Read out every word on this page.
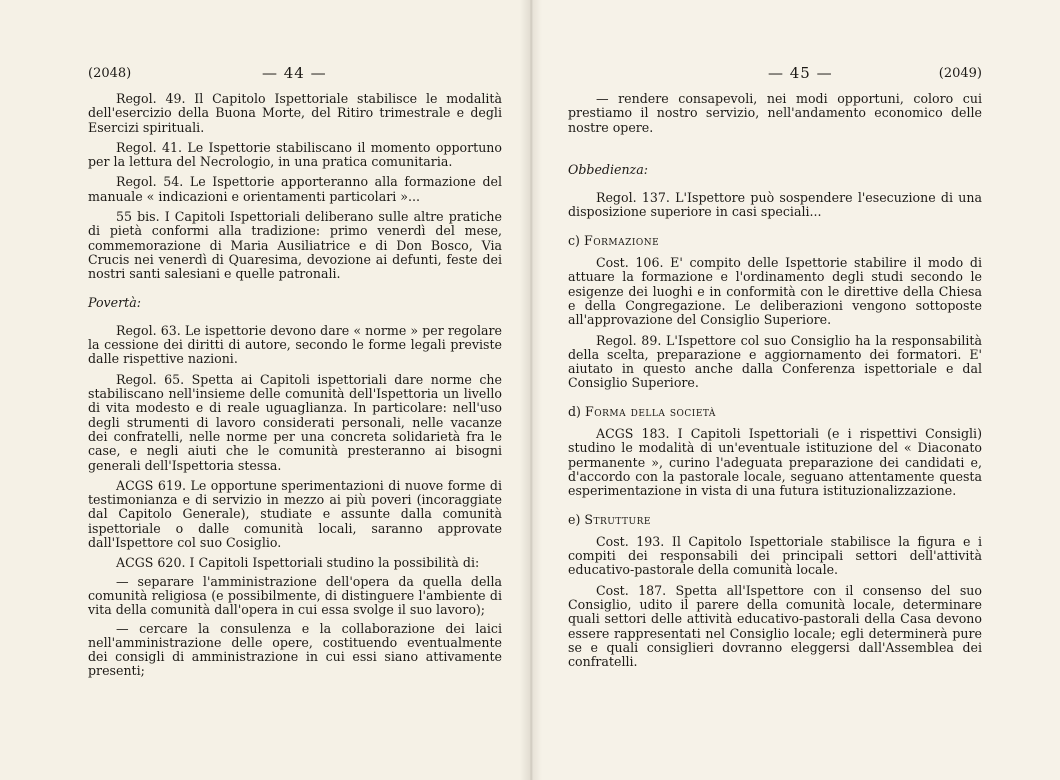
(2048)	— 44 —

Regol. 49. Il Capitolo Ispettoriale stabilisce le modalità dell'esercizio della Buona Morte, del Ritiro trimestrale e degli Esercizi spirituali.

Regol. 41. Le Ispettorie stabiliscano il momento opportuno per la lettura del Necrologio, in una pratica comunitaria.

Regol. 54. Le Ispettorie apporteranno alla formazione del manuale « indicazioni e orientamenti particolari »...

55 bis. I Capitoli Ispettoriali deliberano sulle altre pratiche di pietà conformi alla tradizione: primo venerdì del mese, commemorazione di Maria Ausiliatrice e di Don Bosco, Via Crucis nei venerdì di Quaresima, devozione ai defunti, feste dei nostri santi salesiani e quelle patronali.

Povertà:

Regol. 63. Le ispettorie devono dare « norme » per regolare la cessione dei diritti di autore, secondo le forme legali previste dalle rispettive nazioni.

Regol. 65. Spetta ai Capitoli ispettoriali dare norme che stabiliscano nell'insieme delle comunità dell'Ispettoria un livello di vita modesto e di reale uguaglianza. In particolare: nell'uso degli strumenti di lavoro considerati personali, nelle vacanze dei confratelli, nelle norme per una concreta solidarietà fra le case, e negli aiuti che le comunità presteranno ai bisogni generali dell'Ispettoria stessa.

ACGS 619. Le opportune sperimentazioni di nuove forme di testimonianza e di servizio in mezzo ai più poveri (incoraggiate dal Capitolo Generale), studiate e assunte dalla comunità ispettoriale o dalle comunità locali, saranno approvate dall'Ispettore col suo Cosiglio.

ACGS 620. I Capitoli Ispettoriali studino la possibilità di:

— separare l'amministrazione dell'opera da quella della comunità religiosa (e possibilmente, di distinguere l'ambiente di vita della comunità dall'opera in cui essa svolge il suo lavoro);

— cercare la consulenza e la collaborazione dei laici nell'amministrazione delle opere, costituendo eventualmente dei consigli di amministrazione in cui essi siano attivamente presenti;

— 45 —	(2049)

— rendere consapevoli, nei modi opportuni, coloro cui prestiamo il nostro servizio, nell'andamento economico delle nostre opere.

Obbedienza:

Regol. 137. L'Ispettore può sospendere l'esecuzione di una disposizione superiore in casi speciali...

c) Formazione

Cost. 106. E' compito delle Ispettorie stabilire il modo di attuare la formazione e l'ordinamento degli studi secondo le esigenze dei luoghi e in conformità con le direttive della Chiesa e della Congregazione. Le deliberazioni vengono sottoposte all'approvazione del Consiglio Superiore.

Regol. 89. L'Ispettore col suo Consiglio ha la responsabilità della scelta, preparazione e aggiornamento dei formatori. E' aiutato in questo anche dalla Conferenza ispettoriale e dal Consiglio Superiore.

d) Forma della società

ACGS 183. I Capitoli Ispettoriali (e i rispettivi Consigli) studino le modalità di un'eventuale istituzione del « Diaconato permanente », curino l'adeguata preparazione dei candidati e, d'accordo con la pastorale locale, seguano attentamente questa esperimentazione in vista di una futura istituzionalizzazione.

e) Strutture

Cost. 193. Il Capitolo Ispettoriale stabilisce la figura e i compiti dei responsabili dei principali settori dell'attività educativo-pastorale della comunità locale.

Cost. 187. Spetta all'Ispettore con il consenso del suo Consiglio, udito il parere della comunità locale, determinare quali settori delle attività educativo-pastorali della Casa devono essere rappresentati nel Consiglio locale; egli determinerà pure se e quali consiglieri dovranno eleggersi dall'Assemblea dei confratelli.
